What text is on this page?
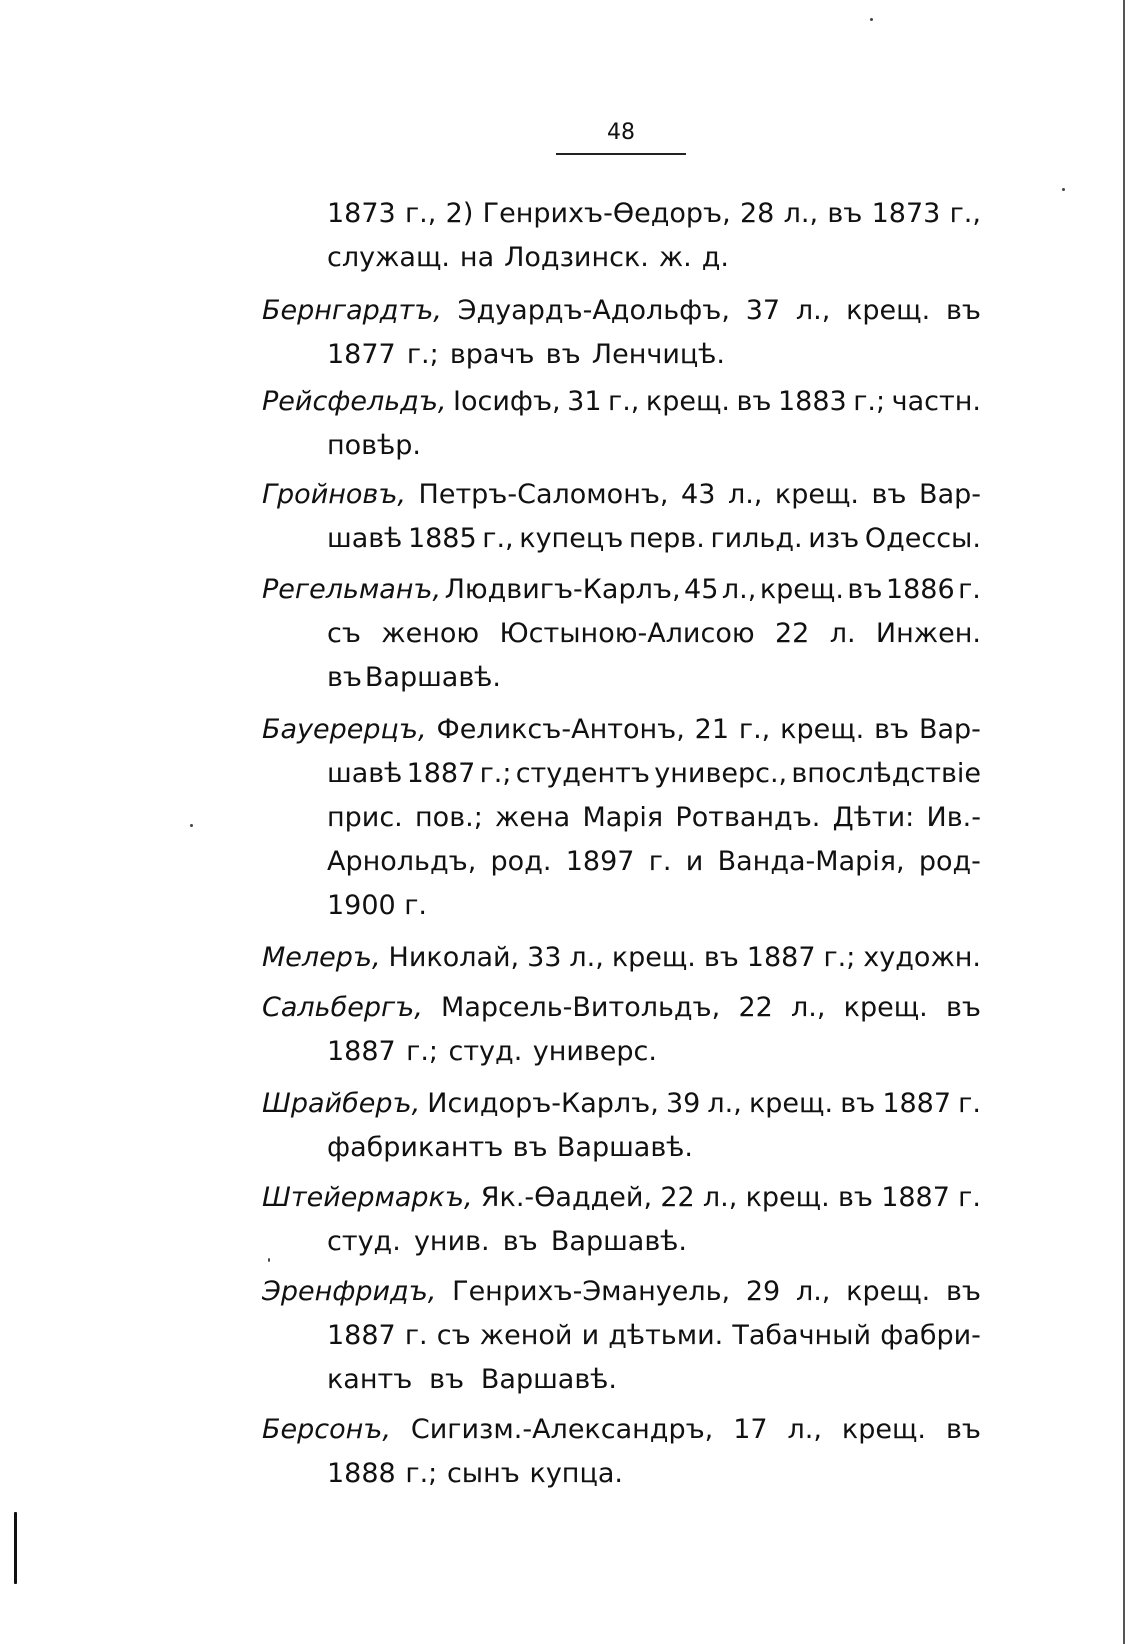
48
1873 г., 2) Генрихъ-Өедоръ, 28 л., въ 1873 г.,
служащ. на Лодзинск. ж. д.
Бернгардтъ, Эдуардъ-Адольфъ, 37 л., крещ. въ
1877 г.; врачъ въ Ленчицѣ.
Рейсфельдъ, Іосифъ, 31 г., крещ. въ 1883 г.; частн.
повѣр.
Гройновъ, Петръ-Саломонъ, 43 л., крещ. въ Вар-
шавѣ 1885 г., купецъ перв. гильд. изъ Одессы.
Регельманъ, Людвигъ-Карлъ, 45 л., крещ. въ 1886 г.
съ женою Юстыною-Алисою 22 л. Инжен.
въ Варшавѣ.
Бауерерцъ, Феликсъ-Антонъ, 21 г., крещ. въ Вар-
шавѣ 1887 г.; студентъ универс., впослѣдствіе
прис. пов.; жена Марія Ротвандъ. Дѣти: Ив.-
Арнольдъ, род. 1897 г. и Ванда-Марія, род-
1900 г.
Мелеръ, Николай, 33 л., крещ. въ 1887 г.; художн.
Сальбергъ, Марсель-Витольдъ, 22 л., крещ. въ
1887 г.; студ. универс.
Шрайберъ, Исидоръ-Карлъ, 39 л., крещ. въ 1887 г.
фабрикантъ въ Варшавѣ.
Штейермаркъ, Як.-Өаддей, 22 л., крещ. въ 1887 г.
студ. унив. въ Варшавѣ.
Эренфридъ, Генрихъ-Эмануель, 29 л., крещ. въ
1887 г. съ женой и дѣтьми. Табачный фабри-
кантъ въ Варшавѣ.
Берсонъ, Сигизм.-Александръ, 17 л., крещ. въ
1888 г.; сынъ купца.
